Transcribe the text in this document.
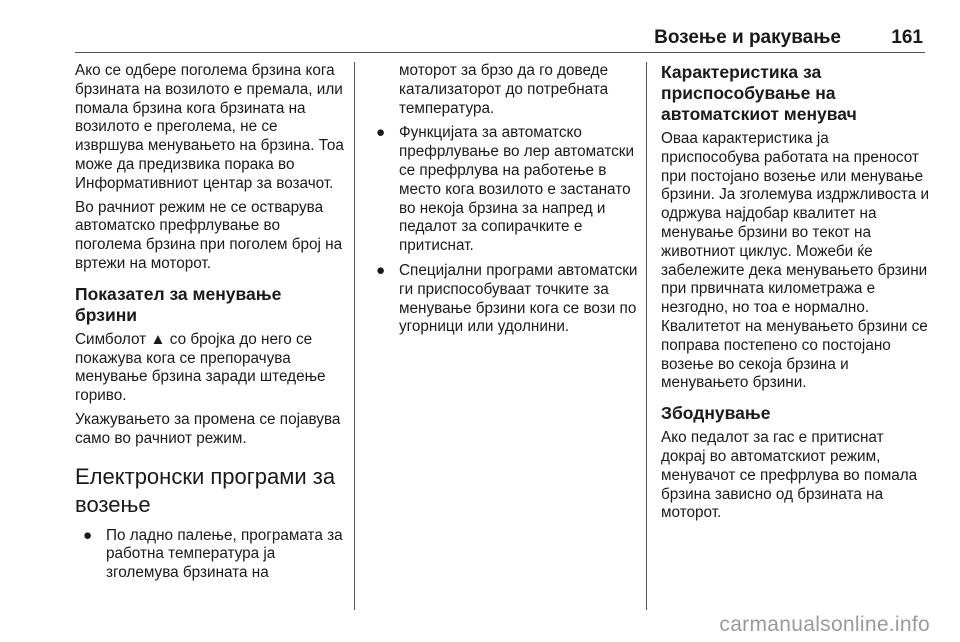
Возење и ракување	161

Ако се одбере поголема брзина кога брзината на возилото е премала, или помала брзина кога брзината на возилото е преголема, не се извршува менувањето на брзина. Тоа може да предизвика порака во Информативниот центар за возачот.

Во рачниот режим не се остварува автоматско префрлување во поголема брзина при поголем број на вртежи на моторот.

Показател за менување брзини

Симболот ▲ со бројка до него се покажува кога се препорачува менување брзина заради штедење гориво.

Укажувањето за промена се појавува само во рачниот режим.

Електронски програми за возење
● По ладно палење, програмата за работна температура ја зголемува брзината на
моторот за брзо да го доведе катализаторот до потребната температура.
● Функцијата за автоматско префрлување во лер автоматски се префрлува на работење в место кога возилото е застанато во некоја брзина за напред и педалот за сопирачките е притиснат.
● Специјални програми автоматски ги приспособуваат точките за менување брзини кога се вози по угорници или удолнини.
Карактеристика за приспособување на автоматскиот менувач

Оваа карактеристика ја приспособува работата на преносот при постојано возење или менување брзини. Ја зголемува издржливоста и одржува најдобар квалитет на менување брзини во текот на животниот циклус. Можеби ќе забележите дека менувањето брзини при првичната километража е незгодно, но тоа е нормално. Квалитетот на менувањето брзини се поправа постепено со постојано возење во секоја брзина и менувањето брзини.

Збоднување

Ако педалот за гас е притиснат докрај во автоматскиот режим, менувачот се префрлува во помала брзина зависно од брзината на моторот.

carmanualsonline.info
